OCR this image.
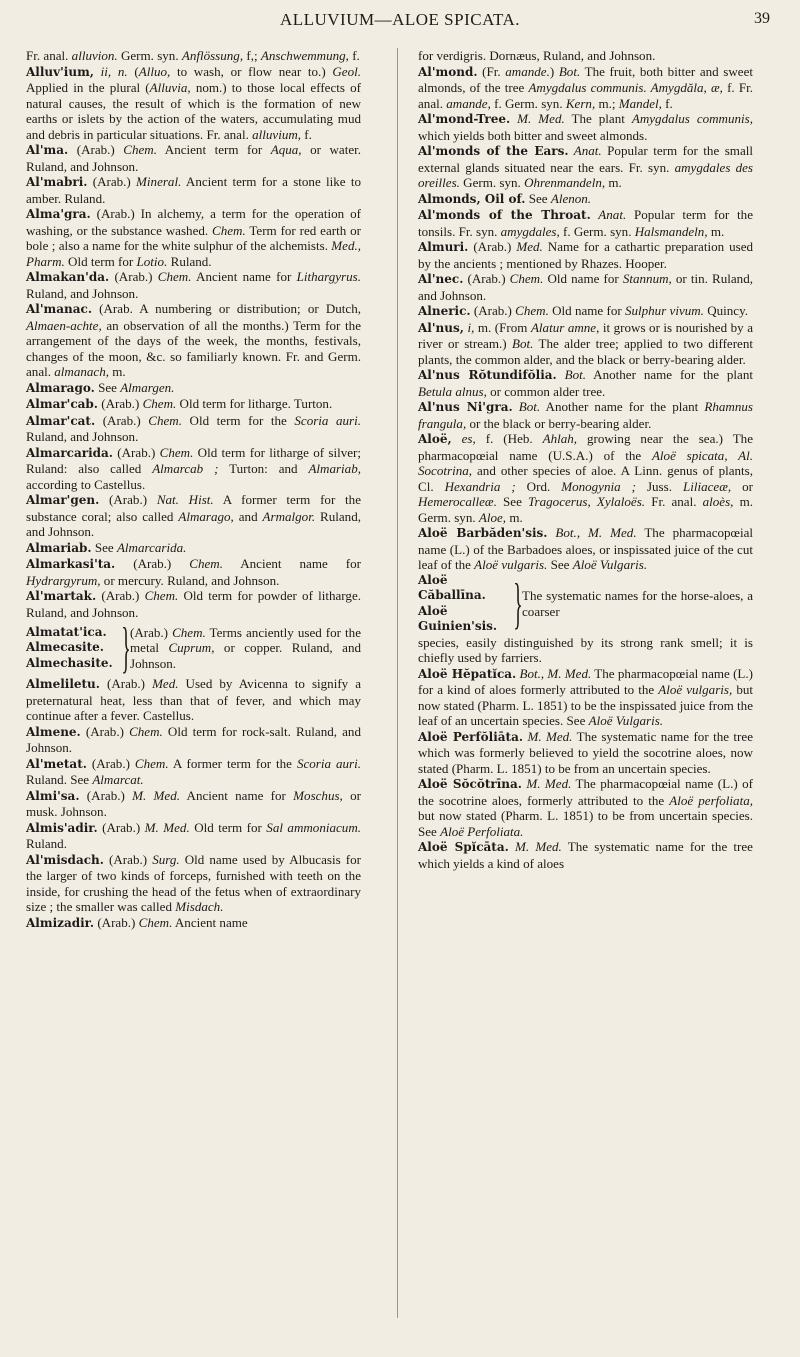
ALLUVIUM—ALOE SPICATA.	39

Fr. anal. alluvion. Germ. syn. Anflössung, f,; Anschwemmung, f.

Alluv'ium, ii, n. (Alluo, to wash, or flow near to.) Geol. Applied in the plural (Alluvia, nom.) to those local effects of natural causes, the result of which is the formation of new earths or islets by the action of the waters, accumulating mud and debris in particular situations. Fr. anal. alluvium, f.

Al'ma. (Arab.) Chem. Ancient term for Aqua, or water. Ruland, and Johnson.

Al'mabri. (Arab.) Mineral. Ancient term for a stone like to amber. Ruland.

Alma'gra. (Arab.) In alchemy, a term for the operation of washing, or the substance washed. Chem. Term for red earth or bole ; also a name for the white sulphur of the alchemists. Med., Pharm. Old term for Lotio. Ruland.

Almakan'da. (Arab.) Chem. Ancient name for Lithargyrus. Ruland, and Johnson.

Al'manac. (Arab. A numbering or distribution; or Dutch, Almaen-achte, an observation of all the months.) Term for the arrangement of the days of the week, the months, festivals, changes of the moon, &c. so familiarly known. Fr. and Germ. anal. almanach, m.

Almarago. See Almargen.

Almar'cab. (Arab.) Chem. Old term for litharge. Turton.

Almar'cat. (Arab.) Chem. Old term for the Scoria auri. Ruland, and Johnson.

Almarcarida. (Arab.) Chem. Old term for litharge of silver; Ruland: also called Almarcab ; Turton: and Almariab, according to Castellus.

Almar'gen. (Arab.) Nat. Hist. A former term for the substance coral; also called Almarago, and Armalgor. Ruland, and Johnson.

Almariab. See Almarcarida.

Almarkasi'ta. (Arab.) Chem. Ancient name for Hydrargyrum, or mercury. Ruland, and Johnson.

Al'martak. (Arab.) Chem. Old term for powder of litharge. Ruland, and Johnson.

Almatat'ica.
Almecasite.
Almechasite. } (Arab.) Chem. Terms anciently used for the metal Cuprum, or copper. Ruland, and Johnson.

Almeliletu. (Arab.) Med. Used by Avicenna to signify a preternatural heat, less than that of fever, and which may continue after a fever. Castellus.

Almene. (Arab.) Chem. Old term for rock-salt. Ruland, and Johnson.

Al'metat. (Arab.) Chem. A former term for the Scoria auri. Ruland. See Almarcat.

Almi'sa. (Arab.) M. Med. Ancient name for Moschus, or musk. Johnson.

Almis'adir. (Arab.) M. Med. Old term for Sal ammoniacum. Ruland.

Al'misdach. (Arab.) Surg. Old name used by Albucasis for the larger of two kinds of forceps, furnished with teeth on the inside, for crushing the head of the fetus when of extraordinary size ; the smaller was called Misdach.

Almizadir. (Arab.) Chem. Ancient name

for verdigris. Dornæus, Ruland, and Johnson.

Al'mond. (Fr. amande.) Bot. The fruit, both bitter and sweet almonds, of the tree Amygdalus communis. Amygdăla, æ, f. Fr. anal. amande, f. Germ. syn. Kern, m.; Mandel, f.

Al'mond-Tree. M. Med. The plant Amygdalus communis, which yields both bitter and sweet almonds.

Al'monds of the Ears. Anat. Popular term for the small external glands situated near the ears. Fr. syn. amygdales des oreilles. Germ. syn. Ohrenmandeln, m.

Almonds, Oil of. See Alenon.

Al'monds of the Throat. Anat. Popular term for the tonsils. Fr. syn. amygdales, f. Germ. syn. Halsmandeln, m.

Almuri. (Arab.) Med. Name for a cathartic preparation used by the ancients ; mentioned by Rhazes. Hooper.

Al'nec. (Arab.) Chem. Old name for Stannum, or tin. Ruland, and Johnson.

Alneric. (Arab.) Chem. Old name for Sulphur vivum. Quincy.

Al'nus, i, m. (From Alatur amne, it grows or is nourished by a river or stream.) Bot. The alder tree; applied to two different plants, the common alder, and the black or berry-bearing alder.

Al'nus Rŏtundifŏlia. Bot. Another name for the plant Betula alnus, or common alder tree.

Al'nus Ni'gra. Bot. Another name for the plant Rhamnus frangula, or the black or berry-bearing alder.

Aloë, es, f. (Heb. Ahlah, growing near the sea.) The pharmacopœial name (U.S.A.) of the Aloë spicata, Al. Socotrina, and other species of aloe. A Linn. genus of plants, Cl. Hexandria ; Ord. Monogynia ; Juss. Liliaceæ, or Hemerocalleæ. See Tragocerus, Xylaloës. Fr. anal. aloès, m. Germ. syn. Aloe, m.

Aloë Barbăden'sis. Bot., M. Med. The pharmacopœial name (L.) of the Barbadoes aloes, or inspissated juice of the cut leaf of the Aloë vulgaris. See Aloë Vulgaris.

Aloë Căballīna.
Aloë Guinien'sis. } The systematic names for the horse-aloes, a coarser

species, easily distinguished by its strong rank smell; it is chiefly used by farriers.

Aloë Hĕpatĭca. Bot., M. Med. The pharmacopœial name (L.) for a kind of aloes formerly attributed to the Aloë vulgaris, but now stated (Pharm. L. 1851) to be the inspissated juice from the leaf of an uncertain species. See Aloë Vulgaris.

Aloë Perfŏliāta. M. Med. The systematic name for the tree which was formerly believed to yield the socotrine aloes, now stated (Pharm. L. 1851) to be from an uncertain species.

Aloë Sŏcŏtrīna. M. Med. The pharmacopœial name (L.) of the socotrine aloes, formerly attributed to the Aloë perfoliata, but now stated (Pharm. L. 1851) to be from uncertain species. See Aloë Perfoliata.

Aloë Spĭcāta. M. Med. The systematic name for the tree which yields a kind of aloes
